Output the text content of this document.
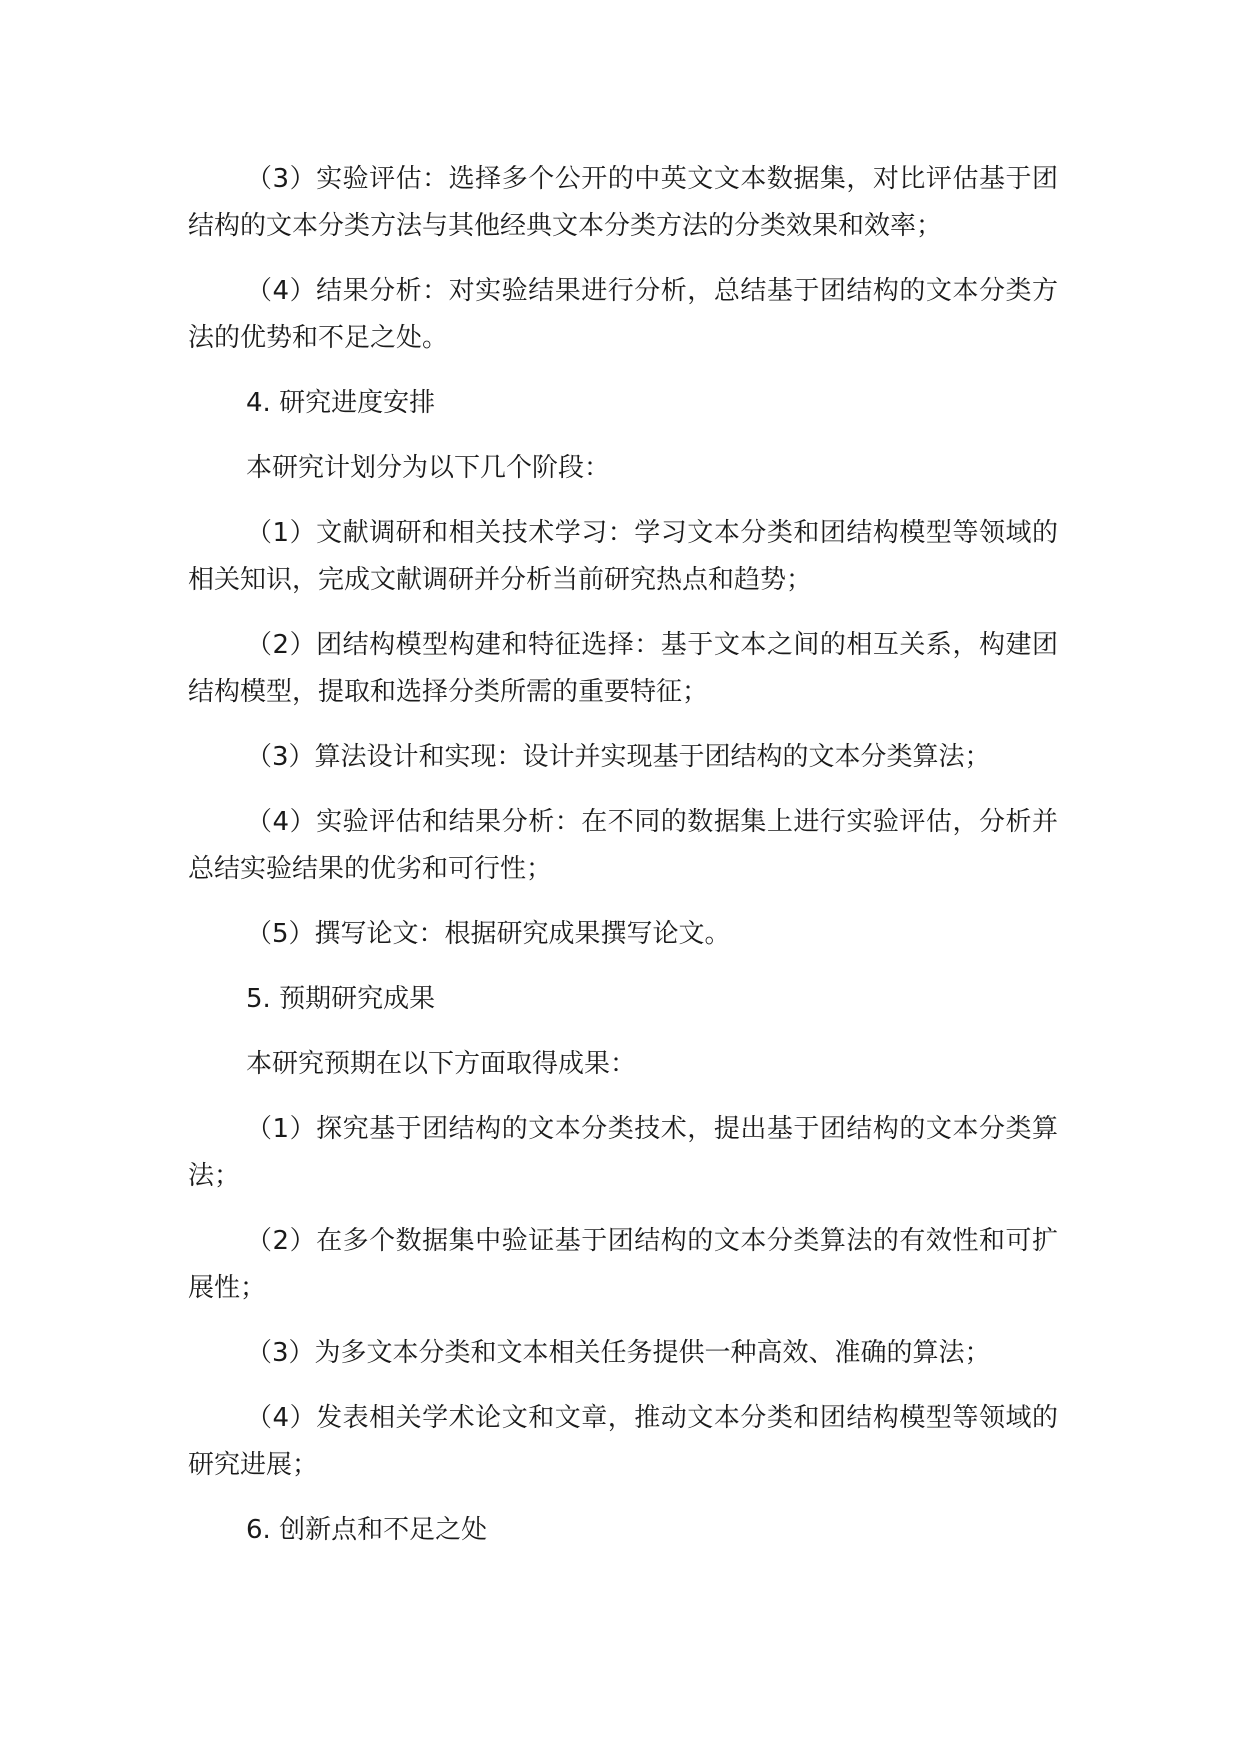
（3）实验评估：选择多个公开的中英文文本数据集，对比评估基于团结构的文本分类方法与其他经典文本分类方法的分类效果和效率；

（4）结果分析：对实验结果进行分析，总结基于团结构的文本分类方法的优势和不足之处。

4. 研究进度安排

本研究计划分为以下几个阶段：

（1）文献调研和相关技术学习：学习文本分类和团结构模型等领域的相关知识，完成文献调研并分析当前研究热点和趋势；

（2）团结构模型构建和特征选择：基于文本之间的相互关系，构建团结构模型，提取和选择分类所需的重要特征；

（3）算法设计和实现：设计并实现基于团结构的文本分类算法；

（4）实验评估和结果分析：在不同的数据集上进行实验评估，分析并总结实验结果的优劣和可行性；

（5）撰写论文：根据研究成果撰写论文。

5. 预期研究成果

本研究预期在以下方面取得成果：

（1）探究基于团结构的文本分类技术，提出基于团结构的文本分类算法；

（2）在多个数据集中验证基于团结构的文本分类算法的有效性和可扩展性；

（3）为多文本分类和文本相关任务提供一种高效、准确的算法；

（4）发表相关学术论文和文章，推动文本分类和团结构模型等领域的研究进展；

6. 创新点和不足之处
